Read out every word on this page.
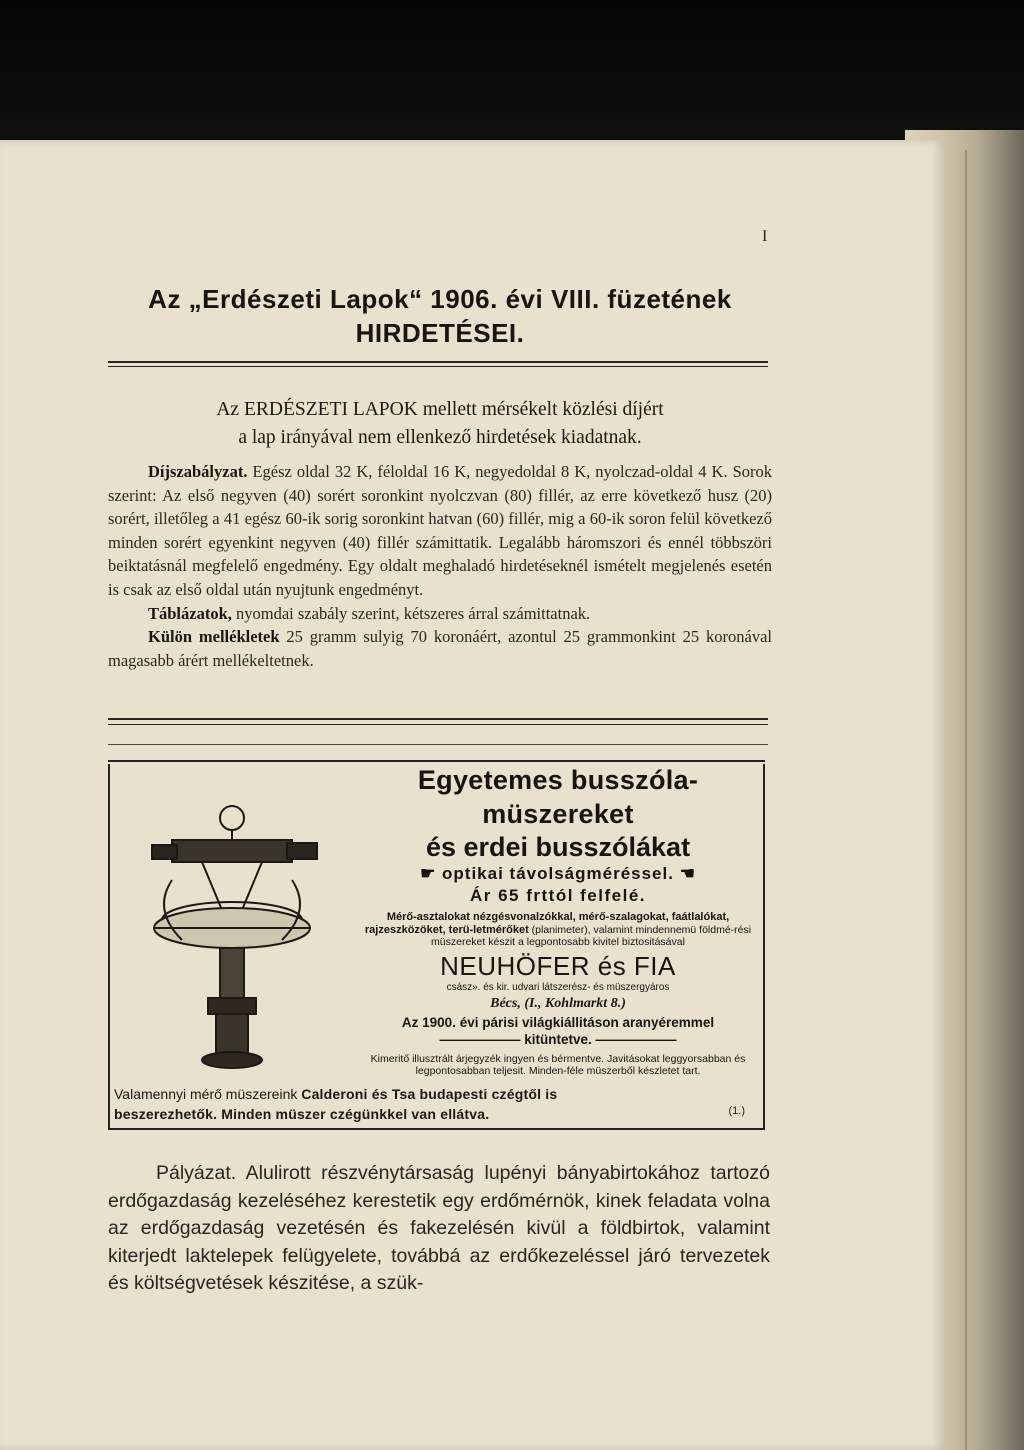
I
Az „Erdészeti Lapok“ 1906. évi VIII. füzetének
HIRDETÉSEI.
Az ERDÉSZETI LAPOK mellett mérsékelt közlési díjért
a lap irányával nem ellenkező hirdetések kiadatnak.

Díjszabályzat. Egész oldal 32 K, féloldal 16 K, negyedoldal 8 K, nyolczad-oldal 4 K. Sorok szerint: Az első negyven (40) sorért soronkint nyolczvan (80) fillér, az erre következő husz (20) sorért, illetőleg a 41 egész 60-ik sorig soronkint hatvan (60) fillér, mig a 60-ik soron felül következő minden sorért egyenkint negyven (40) fillér számittatik. Legalább háromszori és ennél többszöri beiktatásnál megfelelő engedmény. Egy oldalt meghaladó hirdetéseknél ismételt megjelenés esetén is csak az első oldal után nyujtunk engedményt.

Táblázatok, nyomdai szabály szerint, kétszeres árral számittatnak.

Külön mellékletek 25 gramm sulyig 70 koronáért, azontul 25 grammonkint 25 koronával magasabb árért mellékeltetnek.

Egyetemes busszóla-müszereket
és erdei busszólákat
☛ optikai távolságméréssel. ☚
Ár 65 frttól felfelé.
Mérő-asztalokat nézgésvonalzókkal, mérő-szalagokat, faátlalókat, rajzeszközöket, terü-letmérőket (planimeter), valamint mindennemü földmé-rési müszereket készit a legpontosabb kivitel biztositásával
NEUHÖFER és FIA
csász». és kir. udvari látszerész- és müszergyáros
Bécs, (I., Kohlmarkt 8.)
Az 1900. évi párisi világkiállitáson aranyéremmel
—————— kitüntetve. ——————
Kimeritő illusztrált árjegyzék ingyen és bérmentve. Javitásokat leggyorsabban és legpontosabban teljesit. Minden-féle müszerből készletet tart.
Valamennyi mérő müszereink Calderoni és Tsa budapesti czégtől is
beszerezhetők. Minden müszer czégünkkel van ellátva.	(1.)

Pályázat. Alulirott részvénytársaság lupényi bányabirtokához tartozó erdőgazdaság kezeléséhez kerestetik egy erdőmérnök, kinek feladata volna az erdőgazdaság vezetésén és fakezelésén kivül a földbirtok, valamint kiterjedt laktelepek felügyelete, továbbá az erdőkezeléssel járó tervezetek és költségvetések készitése, a szük-
